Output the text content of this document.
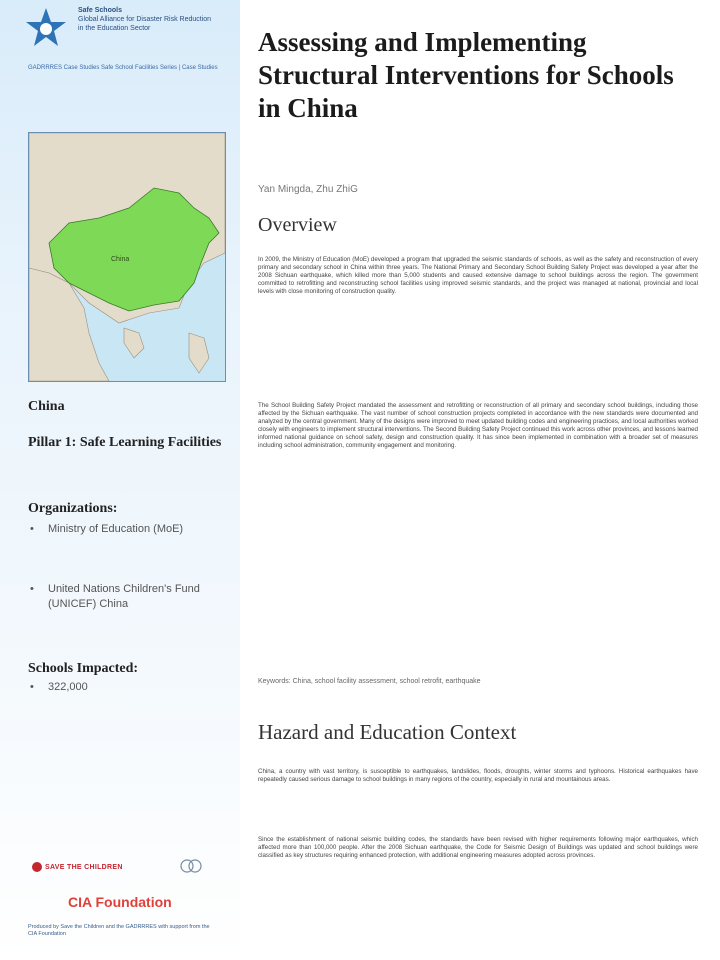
Safe Schools
Global Alliance for Disaster Risk Reduction
in the Education Sector
GADRRRES Case Studies Safe School Facilities Series | Case Studies
China
China
Pillar 1: Safe Learning Facilities
Organizations:
•	Ministry of Education (MoE)
•	United Nations Children's Fund (UNICEF) China
Schools Impacted:
•	322,000
SAVE THE CHILDREN
CIA Foundation
Produced by Save the Children and the GADRRRES with support from the CIA Foundation
Assessing and Implementing Structural Interventions for Schools in China
Yan Mingda, Zhu ZhiG
Overview
In 2009, the Ministry of Education (MoE) developed a program that upgraded the seismic standards of schools, as well as the safety and reconstruction of every primary and secondary school in China within three years. The National Primary and Secondary School Building Safety Project was developed a year after the 2008 Sichuan earthquake, which killed more than 5,000 students and caused extensive damage to school buildings across the region. The government committed to retrofitting and reconstructing school facilities using improved seismic standards, and the project was managed at national, provincial and local levels with close monitoring of construction quality.
The School Building Safety Project mandated the assessment and retrofitting or reconstruction of all primary and secondary school buildings, including those affected by the Sichuan earthquake. The vast number of school construction projects completed in accordance with the new standards were documented and analyzed by the central government. Many of the designs were improved to meet updated building codes and engineering practices, and local authorities worked closely with engineers to implement structural interventions. The Second Building Safety Project continued this work across other provinces, and lessons learned informed national guidance on school safety, design and construction quality. It has since been implemented in combination with a broader set of measures including school administration, community engagement and monitoring.
Keywords: China, school facility assessment, school retrofit, earthquake
Hazard and Education Context
China, a country with vast territory, is susceptible to earthquakes, landslides, floods, droughts, winter storms and typhoons. Historical earthquakes have repeatedly caused serious damage to school buildings in many regions of the country, especially in rural and mountainous areas.
Since the establishment of national seismic building codes, the standards have been revised with higher requirements following major earthquakes, which affected more than 100,000 people. After the 2008 Sichuan earthquake, the Code for Seismic Design of Buildings was updated and school buildings were classified as key structures requiring enhanced protection, with additional engineering measures adopted across provinces.
